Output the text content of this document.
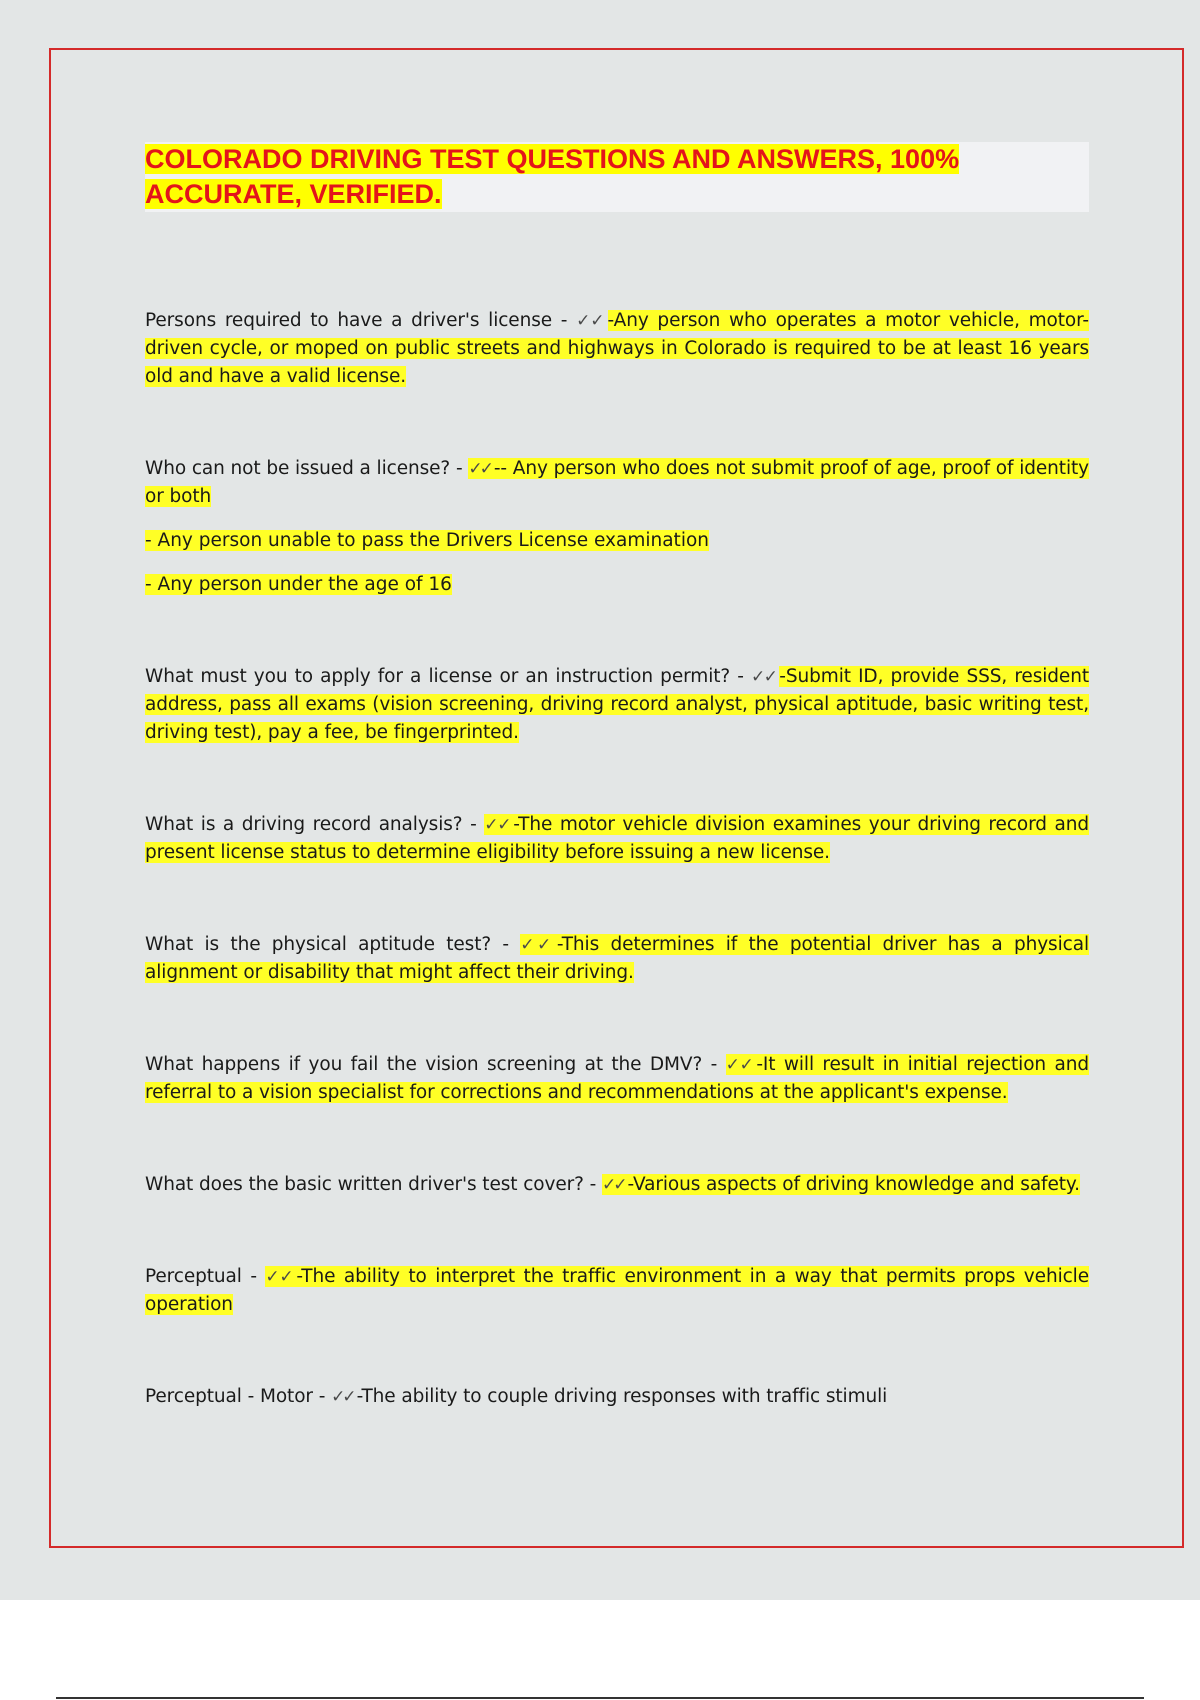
COLORADO DRIVING TEST QUESTIONS AND ANSWERS, 100%
ACCURATE, VERIFIED.

Persons required to have a driver's license - ✓✓ -Any person who operates a motor vehicle, motor-driven cycle, or moped on public streets and highways in Colorado is required to be at least 16 years old and have a valid license.

Who can not be issued a license? - ✓✓ -- Any person who does not submit proof of age, proof of identity or both

- Any person unable to pass the Drivers License examination

- Any person under the age of 16

What must you to apply for a license or an instruction permit? - ✓✓ -Submit ID, provide SSS, resident address, pass all exams (vision screening, driving record analyst, physical aptitude, basic writing test, driving test), pay a fee, be fingerprinted.

What is a driving record analysis? - ✓✓ -The motor vehicle division examines your driving record and present license status to determine eligibility before issuing a new license.

What is the physical aptitude test? - ✓✓ -This determines if the potential driver has a physical alignment or disability that might affect their driving.

What happens if you fail the vision screening at the DMV? - ✓✓ -It will result in initial rejection and referral to a vision specialist for corrections and recommendations at the applicant's expense.

What does the basic written driver's test cover? - ✓✓ -Various aspects of driving knowledge and safety.

Perceptual - ✓✓ -The ability to interpret the traffic environment in a way that permits props vehicle operation

Perceptual - Motor - ✓✓ -The ability to couple driving responses with traffic stimuli
